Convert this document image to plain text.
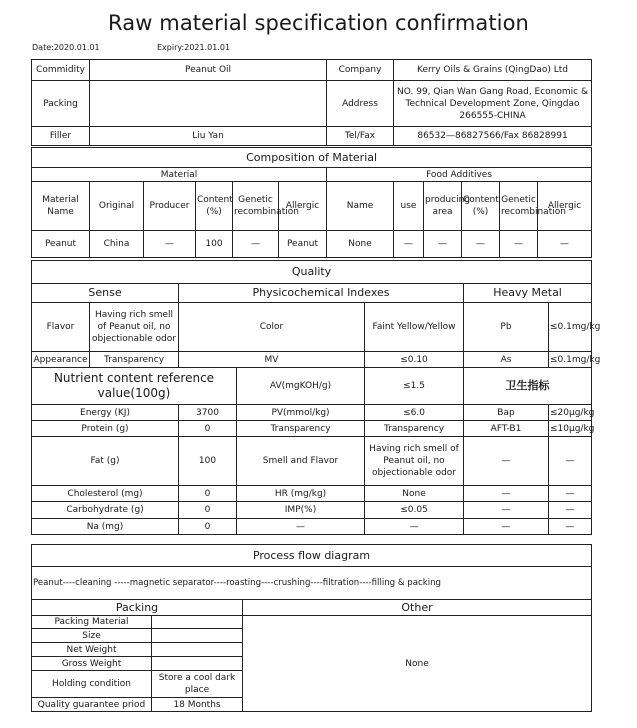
Raw material specification confirmation
Date:2020.01.01	Expiry:2021.01.01
Commidity	Peanut Oil	Company	Kerry Oils & Grains (QingDao) Ltd
Packing		Address	NO. 99, Qian Wan Gang Road, Economic & Technical Development Zone, Qingdao 266555-CHINA
Filler	Liu Yan	Tel/Fax	86532—86827566/Fax 86828991
Composition of Material											
Material						Food Additives					
Material Name	Original	Producer	Content (%)	Genetic recombination	Allergic	Name	use	producing area	Content (%)	Genetic recombination	Allergic
Peanut	China	—	100	—	Peanut	None	—	—	—	—	—
Quality						
Sense		Physicochemical Indexes			Heavy Metal	
Flavor	Having rich smell of Peanut oil, no objectionable odor	Color		Faint Yellow/Yellow	Pb	≤0.1mg/kg
Appearance	Transparency	MV		≤0.10	As	≤0.1mg/kg
Nutrient content reference value(100g)			AV(mgKOH/g)	≤1.5	卫生指标	
Energy (KJ)		3700	PV(mmol/kg)	≤6.0	Bap	≤20μg/kg
Protein (g)		0	Transparency	Transparency	AFT-B1	≤10μg/kg
Fat (g)		100	Smell and Flavor	Having rich smell of Peanut oil, no objectionable odor	—	—
Cholesterol (mg)		0	HR (mg/kg)	None	—	—
Carbohydrate (g)		0	IMP(%)	≤0.05	—	—
Na (mg)		0	—	—	—	—
Process flow diagram
Peanut----cleaning -----magnetic separator----roasting----crushing----filtration----filling & packing
Packing		Other
Packing Material		None
Size		
Net Weight		
Gross Weight		
Holding condition	Store a cool dark place	
Quality guarantee priod	18 Months	
